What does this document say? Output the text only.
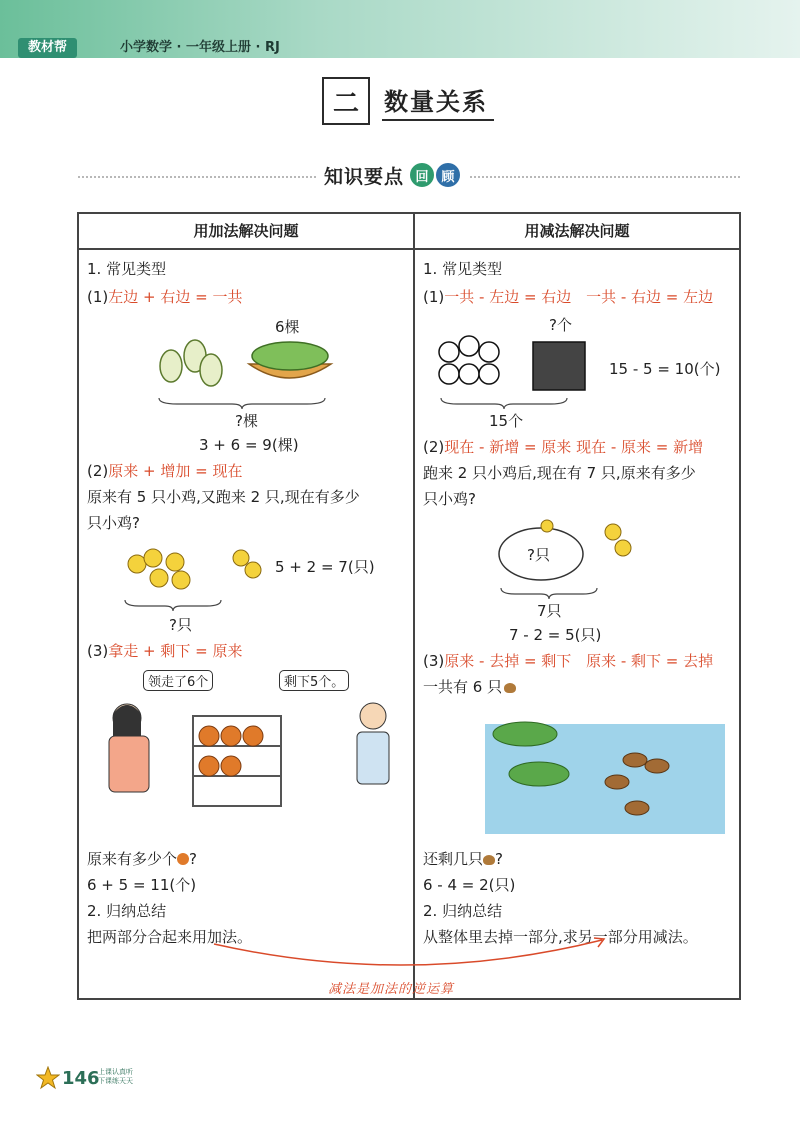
教材帮	小学数学 · 一年级上册 · RJ
二	数量关系
知识要点 回 顾
用加法解决问题	用减法解决问题
1. 常见类型
(1)左边 + 右边 = 一共
6棵
?棵
3 + 6 = 9(棵)
(2)原来 + 增加 = 现在
原来有 5 只小鸡,又跑来 2 只,现在有多少
只小鸡?
5 + 2 = 7(只)
?只
(3)拿走 + 剩下 = 原来
领走了6个	剩下5个。
原来有多少个 ?
6 + 5 = 11(个)
2. 归纳总结
把两部分合起来用加法。
1. 常见类型
(1)一共 - 左边 = 右边 一共 - 右边 = 左边
?个
15 - 5 = 10(个)
15个
(2)现在 - 新增 = 原来 现在 - 原来 = 新增
跑来 2 只小鸡后,现在有 7 只,原来有多少
只小鸡?
?只
7只
7 - 2 = 5(只)
(3)原来 - 去掉 = 剩下 原来 - 剩下 = 去掉
一共有 6 只
还剩几只 ?
6 - 4 = 2(只)
2. 归纳总结
从整体里去掉一部分,求另一部分用减法。
减法是加法的逆运算
146
上课认真听
下课练天天
